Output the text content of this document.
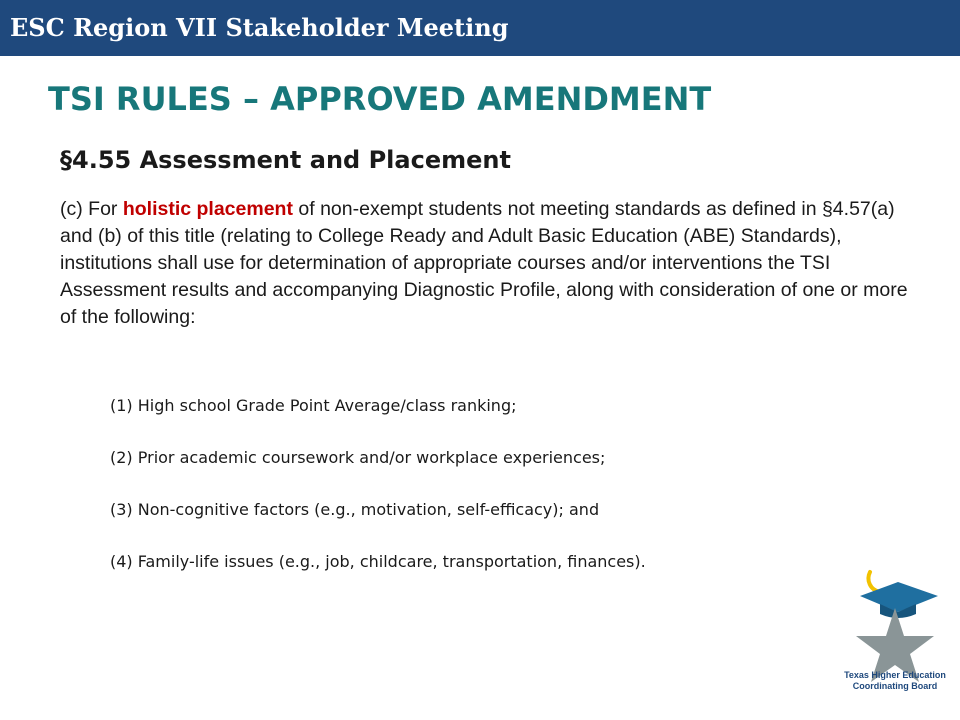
ESC Region VII Stakeholder Meeting
TSI RULES – APPROVED AMENDMENT
§4.55 Assessment and Placement
(c) For holistic placement of non-exempt students not meeting standards as defined in §4.57(a) and (b) of this title (relating to College Ready and Adult Basic Education (ABE) Standards), institutions shall use for determination of appropriate courses and/or interventions the TSI Assessment results and accompanying Diagnostic Profile, along with consideration of one or more of the following:
(1) High school Grade Point Average/class ranking;
(2) Prior academic coursework and/or workplace experiences;
(3) Non-cognitive factors (e.g., motivation, self-efficacy); and
(4) Family-life issues (e.g., job, childcare, transportation, finances).
Texas Higher Education
Coordinating Board
